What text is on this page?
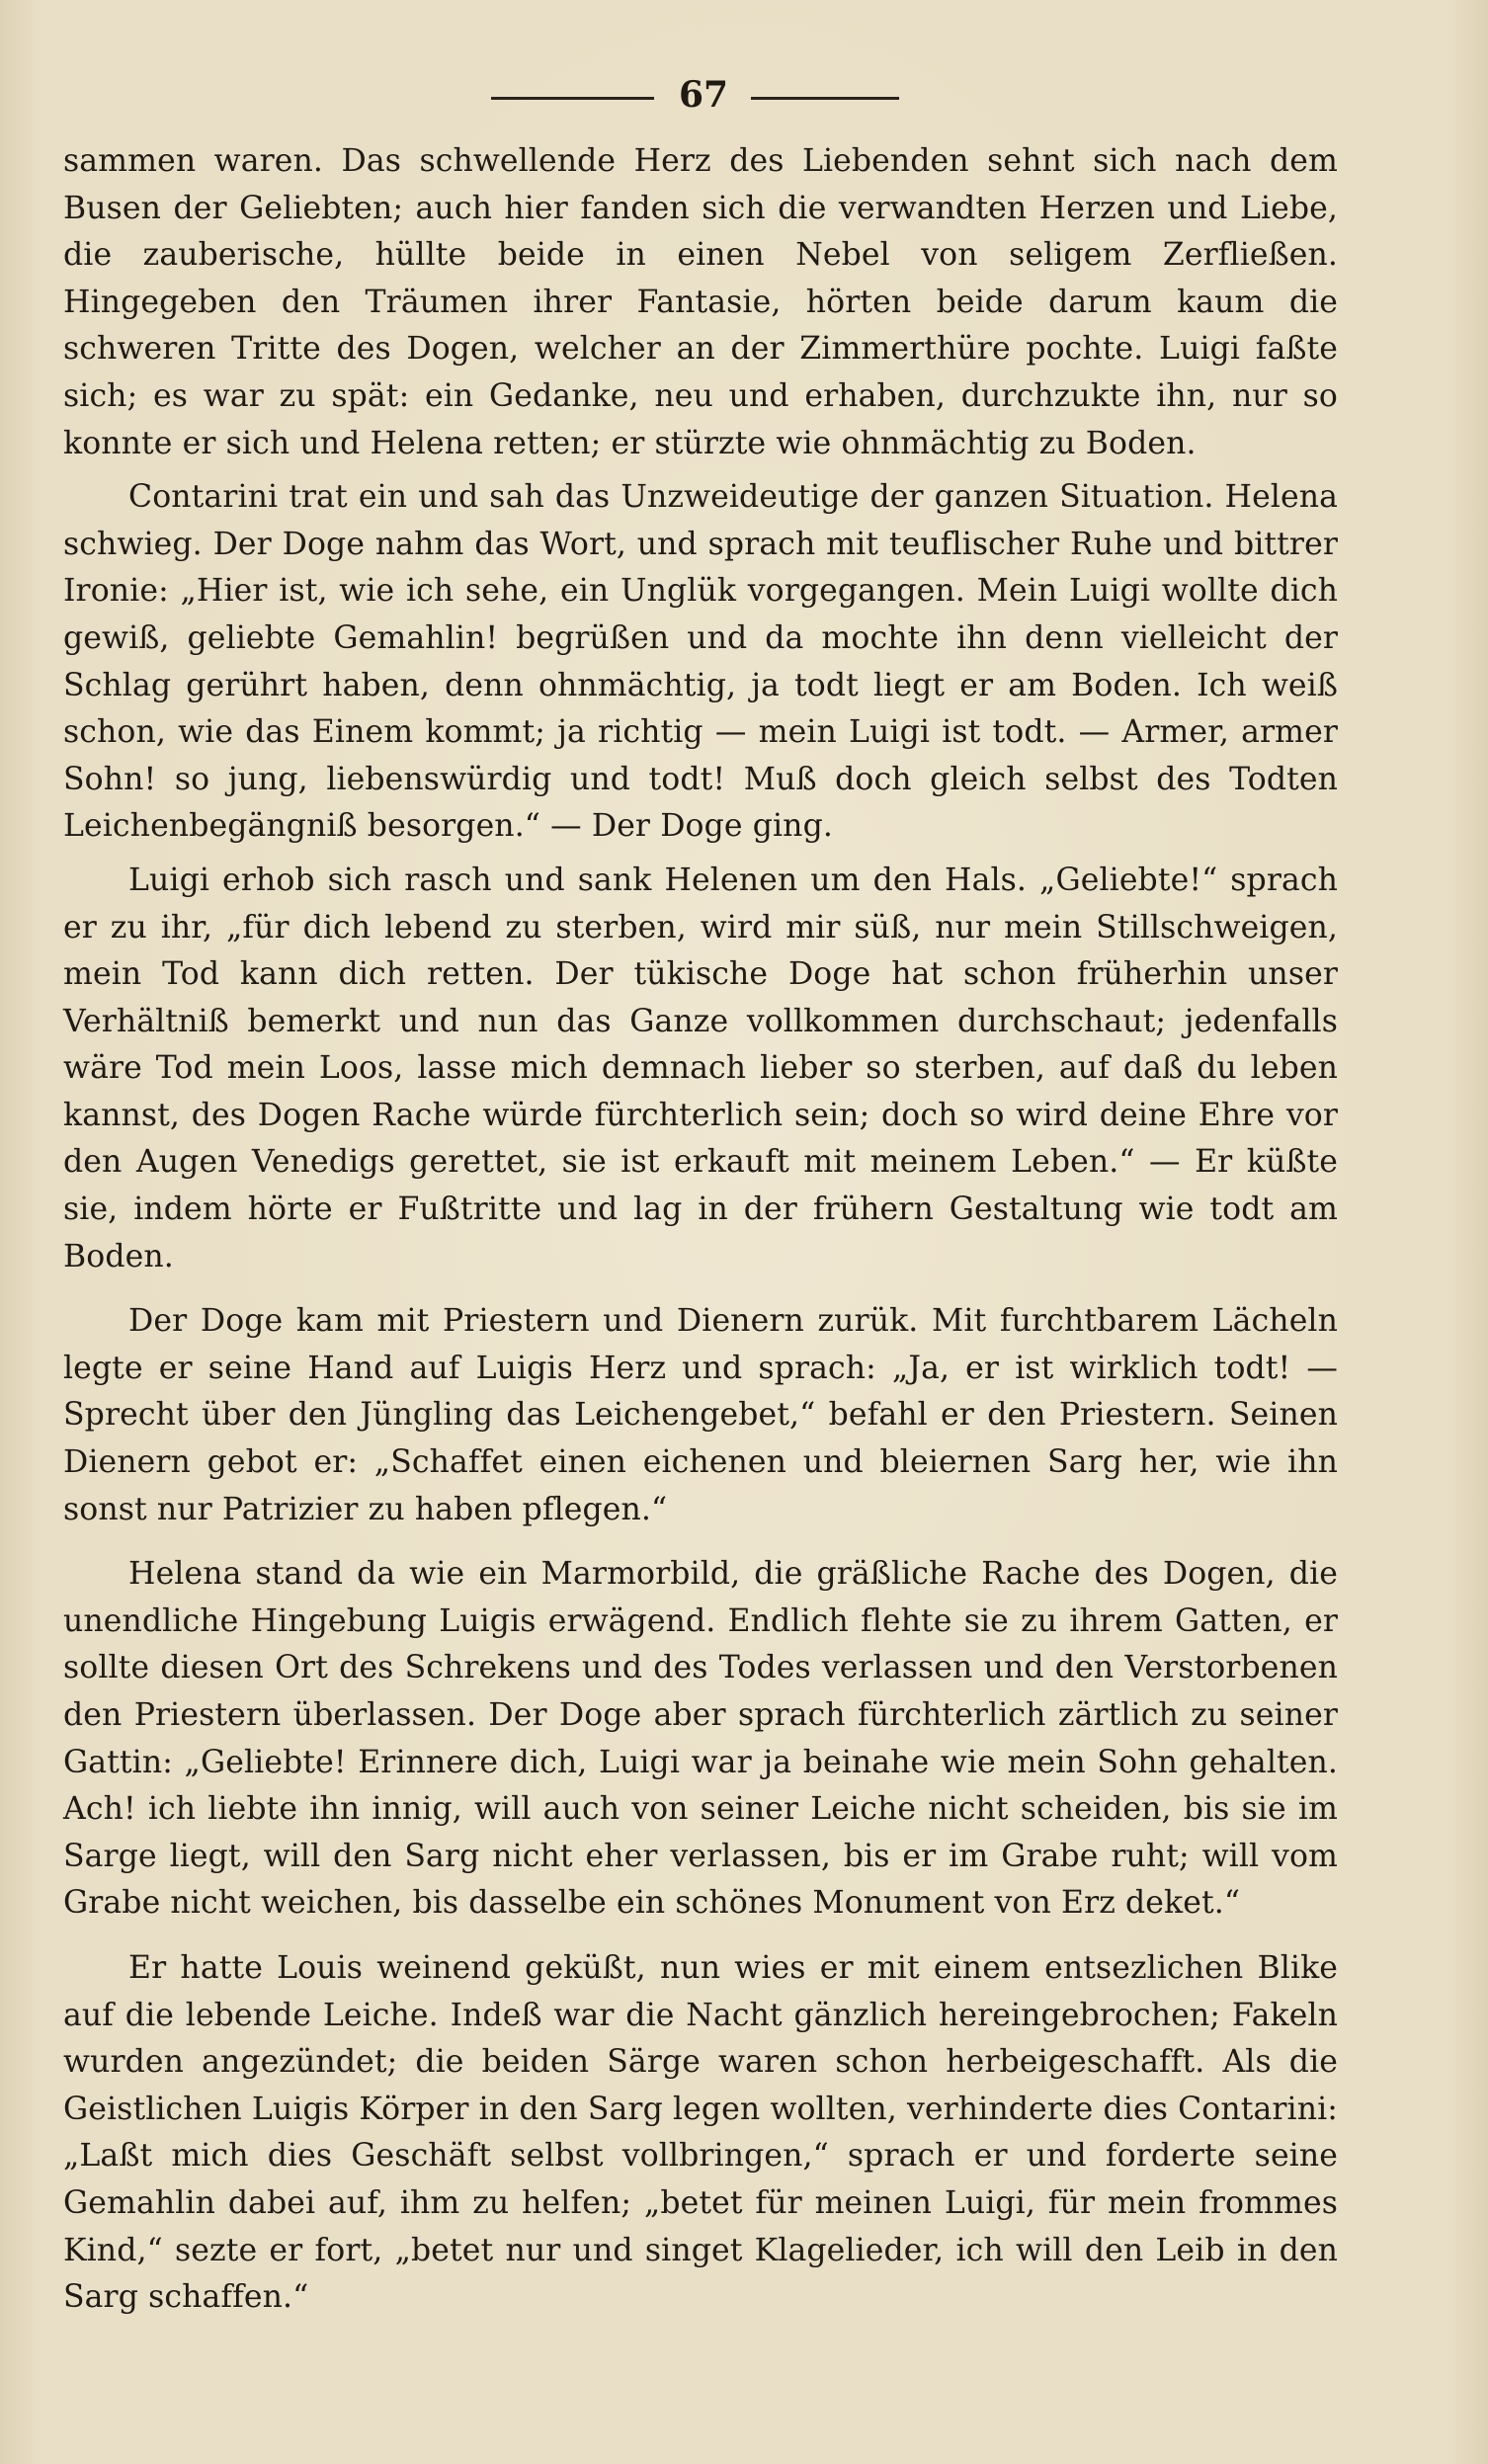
67

sammen waren. Das schwellende Herz des Liebenden sehnt sich nach dem Busen der Geliebten; auch hier fanden sich die verwandten Herzen und Liebe, die zauberische, hüllte beide in einen Nebel von seligem Zerfließen. Hingegeben den Träumen ihrer Fantasie, hörten beide darum kaum die schweren Tritte des Dogen, welcher an der Zimmerthüre pochte. Luigi faßte sich; es war zu spät: ein Gedanke, neu und erhaben, durchzukte ihn, nur so konnte er sich und Helena retten; er stürzte wie ohnmächtig zu Boden.

Contarini trat ein und sah das Unzweideutige der ganzen Situation. Helena schwieg. Der Doge nahm das Wort, und sprach mit teuflischer Ruhe und bittrer Ironie: „Hier ist, wie ich sehe, ein Unglük vorgegangen. Mein Luigi wollte dich gewiß, geliebte Gemahlin! begrüßen und da mochte ihn denn vielleicht der Schlag gerührt haben, denn ohnmächtig, ja todt liegt er am Boden. Ich weiß schon, wie das Einem kommt; ja richtig — mein Luigi ist todt. — Armer, armer Sohn! so jung, liebenswürdig und todt! Muß doch gleich selbst des Todten Leichenbegängniß besorgen.“ — Der Doge ging.

Luigi erhob sich rasch und sank Helenen um den Hals. „Geliebte!“ sprach er zu ihr, „für dich lebend zu sterben, wird mir süß, nur mein Stillschweigen, mein Tod kann dich retten. Der tükische Doge hat schon früherhin unser Verhältniß bemerkt und nun das Ganze vollkommen durchschaut; jedenfalls wäre Tod mein Loos, lasse mich demnach lieber so sterben, auf daß du leben kannst, des Dogen Rache würde fürchterlich sein; doch so wird deine Ehre vor den Augen Venedigs gerettet, sie ist erkauft mit meinem Leben.“ — Er küßte sie, indem hörte er Fußtritte und lag in der frühern Gestaltung wie todt am Boden.

Der Doge kam mit Priestern und Dienern zurük. Mit furchtbarem Lächeln legte er seine Hand auf Luigis Herz und sprach: „Ja, er ist wirklich todt! — Sprecht über den Jüngling das Leichengebet,“ befahl er den Priestern. Seinen Dienern gebot er: „Schaffet einen eichenen und bleiernen Sarg her, wie ihn sonst nur Patrizier zu haben pflegen.“

Helena stand da wie ein Marmorbild, die gräßliche Rache des Dogen, die unendliche Hingebung Luigis erwägend. Endlich flehte sie zu ihrem Gatten, er sollte diesen Ort des Schrekens und des Todes verlassen und den Verstorbenen den Priestern überlassen. Der Doge aber sprach fürchterlich zärtlich zu seiner Gattin: „Geliebte! Erinnere dich, Luigi war ja beinahe wie mein Sohn gehalten. Ach! ich liebte ihn innig, will auch von seiner Leiche nicht scheiden, bis sie im Sarge liegt, will den Sarg nicht eher verlassen, bis er im Grabe ruht; will vom Grabe nicht weichen, bis dasselbe ein schönes Monument von Erz deket.“

Er hatte Louis weinend geküßt, nun wies er mit einem entsezlichen Blike auf die lebende Leiche. Indeß war die Nacht gänzlich hereingebrochen; Fakeln wurden angezündet; die beiden Särge waren schon herbeigeschafft. Als die Geistlichen Luigis Körper in den Sarg legen wollten, verhinderte dies Contarini: „Laßt mich dies Geschäft selbst vollbringen,“ sprach er und forderte seine Gemahlin dabei auf, ihm zu helfen; „betet für meinen Luigi, für mein frommes Kind,“ sezte er fort, „betet nur und singet Klagelieder, ich will den Leib in den Sarg schaffen.“
